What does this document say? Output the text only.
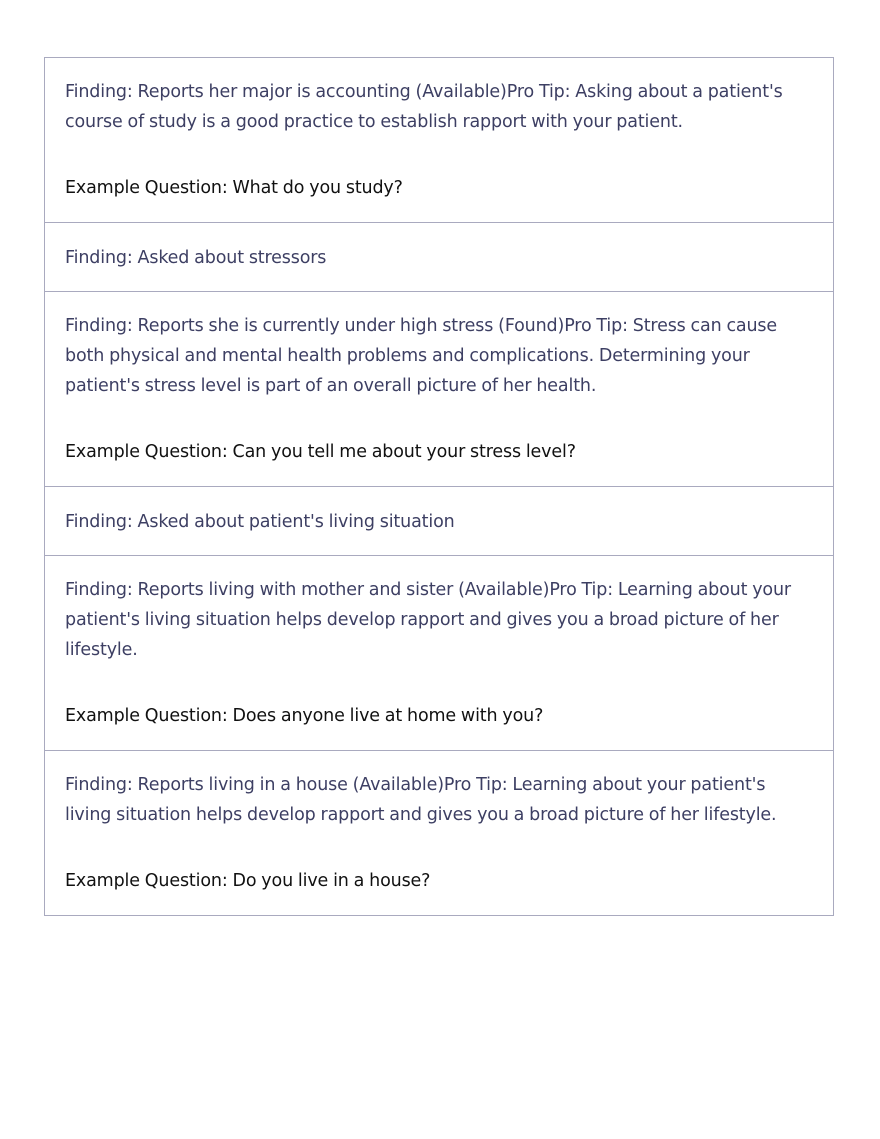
Finding: Reports her major is accounting (Available)Pro Tip: Asking about a patient's course of study is a good practice to establish rapport with your patient.
Example Question: What do you study?
Finding: Asked about stressors
Finding: Reports she is currently under high stress (Found)Pro Tip: Stress can cause both physical and mental health problems and complications. Determining your patient's stress level is part of an overall picture of her health.
Example Question: Can you tell me about your stress level?
Finding: Asked about patient's living situation
Finding: Reports living with mother and sister (Available)Pro Tip: Learning about your patient's living situation helps develop rapport and gives you a broad picture of her lifestyle.
Example Question: Does anyone live at home with you?
Finding: Reports living in a house (Available)Pro Tip: Learning about your patient's living situation helps develop rapport and gives you a broad picture of her lifestyle.
Example Question: Do you live in a house?
